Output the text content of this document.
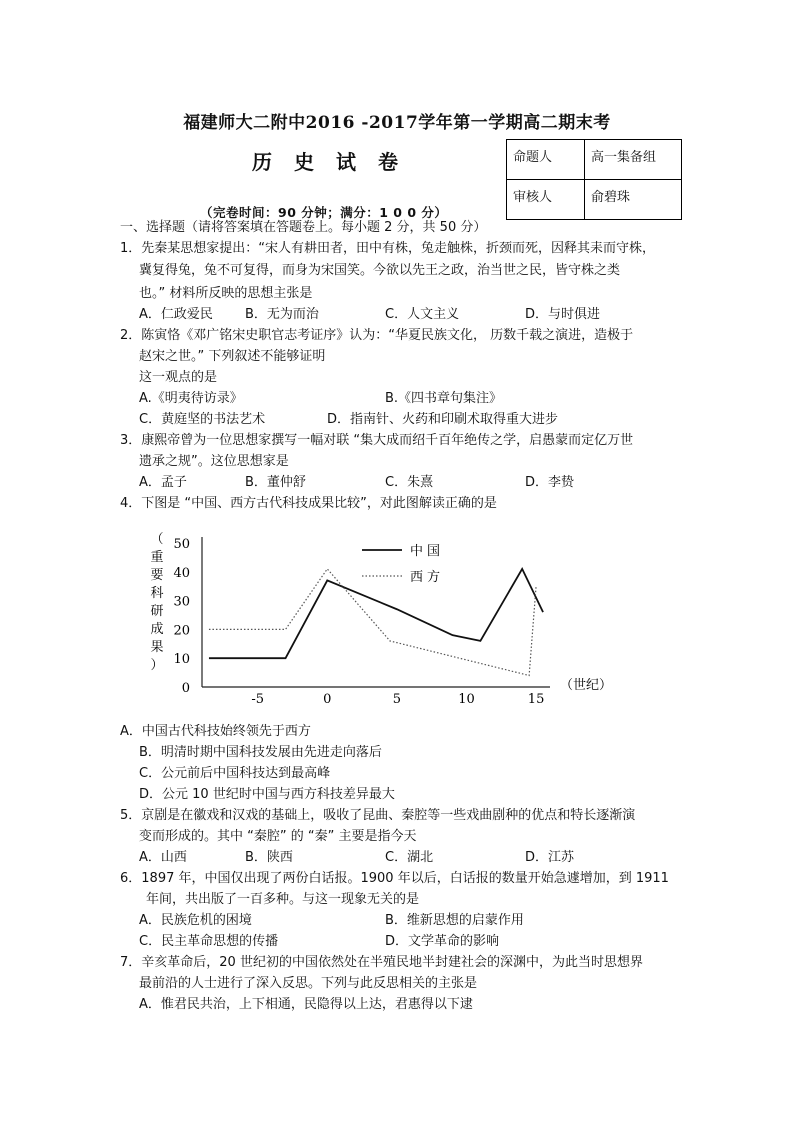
福建师大二附中2016 -2017学年第一学期高二期末考
历史试卷	命题人	高一集备组
审核人	俞碧珠
（完卷时间：90 分钟；满分：1 0 0 分）
一、选择题（请将答案填在答题卷上。每小题 2 分，共 50 分）
1．先秦某思想家提出：“宋人有耕田者，田中有株，兔走触株，折颈而死，因释其耒而守株，
冀复得兔，兔不可复得，而身为宋国笑。今欲以先王之政，治当世之民，皆守株之类
也。” 材料所反映的思想主张是
A．仁政爱民 B．无为而治	C．人文主义	D．与时俱进
2．陈寅恪《邓广铭宋史职官志考证序》认为：“华夏民族文化， 历数千载之演进，造极于
赵宋之世。” 下列叙述不能够证明
这一观点的是
A.《明夷待访录》	B.《四书章句集注》
C．黄庭坚的书法艺术	D．指南针、火药和印刷术取得重大进步
3．康熙帝曾为一位思想家撰写一幅对联 “集大成而绍千百年绝传之学，启愚蒙而定亿万世
遗承之规”。这位思想家是
A．孟子	B．董仲舒	C．朱熹	D．李贽
4．下图是 “中国、西方古代科技成果比较”，对此图解读正确的是
0
10
20
30
40
50
-5	0	5	10	15
（重要科研成果）
（世纪）
中国
西方
A．中国古代科技始终领先于西方
B．明清时期中国科技发展由先进走向落后
C．公元前后中国科技达到最高峰
D．公元 10 世纪时中国与西方科技差异最大
5．京剧是在徽戏和汉戏的基础上，吸收了昆曲、秦腔等一些戏曲剧种的优点和特长逐渐演
变而形成的。其中 “秦腔” 的 “秦” 主要是指今天
A．山西	B．陕西	C．湖北	D．江苏
6．1897 年，中国仅出现了两份白话报。1900 年以后，白话报的数量开始急遽增加，到 1911
年间，共出版了一百多种。与这一现象无关的是
A．民族危机的困境	B．维新思想的启蒙作用
C．民主革命思想的传播	D．文学革命的影响
7．辛亥革命后，20 世纪初的中国依然处在半殖民地半封建社会的深渊中，为此当时思想界
最前沿的人士进行了深入反思。下列与此反思相关的主张是
A．惟君民共治，上下相通，民隐得以上达，君惠得以下逮
